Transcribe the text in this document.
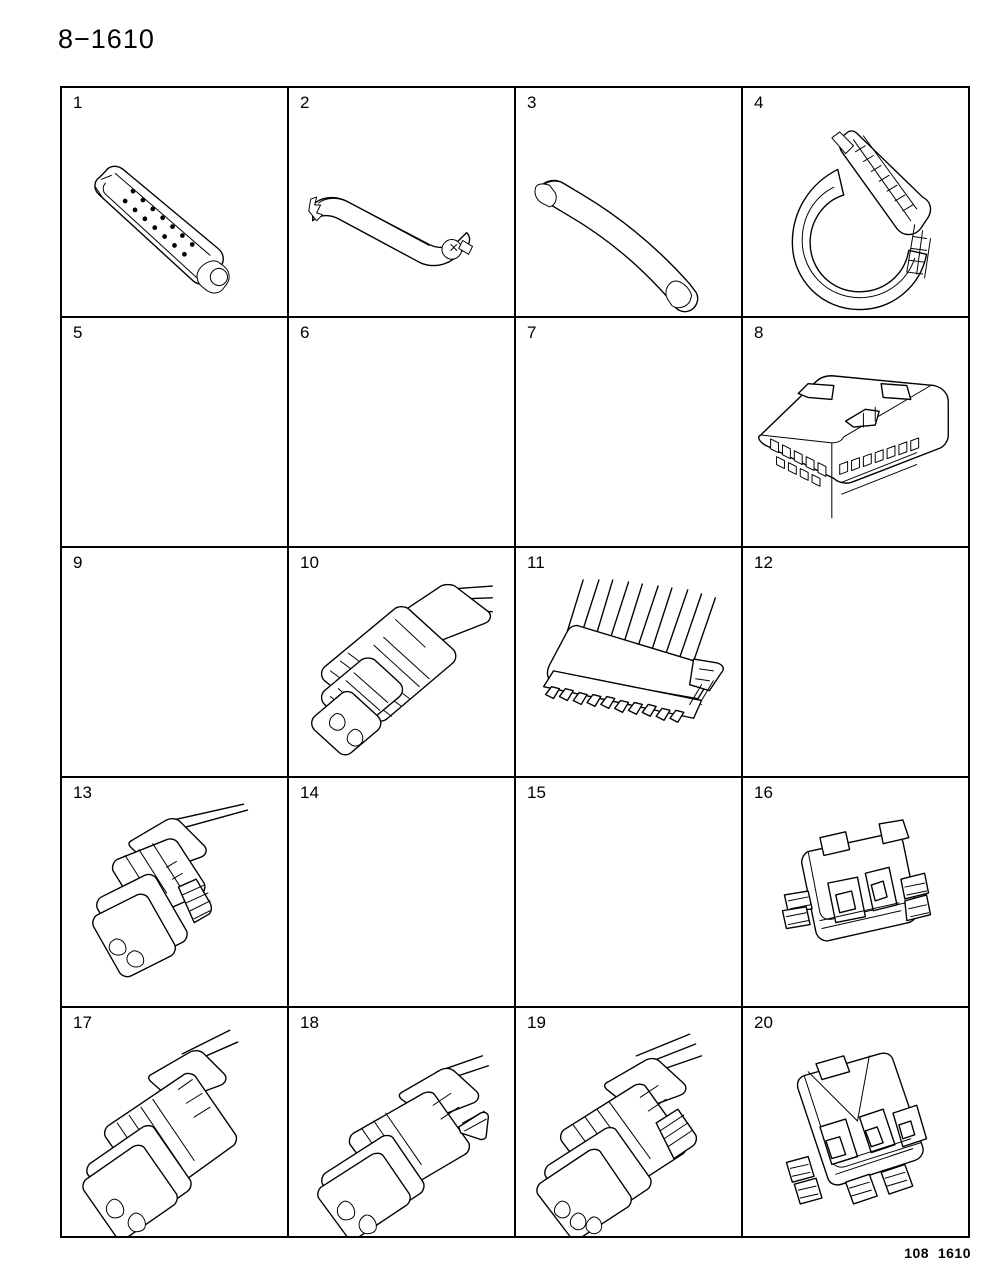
8−1610
1	2	3	4
5	6	7	8
9	10	11	12
13	14	15	16
17	18	19	20
108  1610
